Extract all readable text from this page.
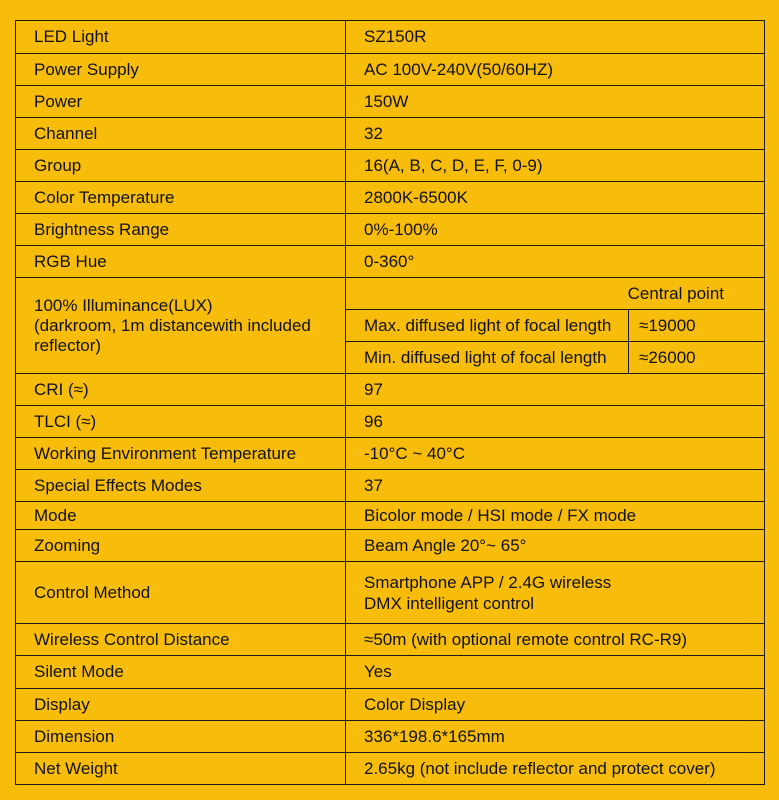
LED Light	SZ150R	
Power Supply	AC 100V-240V(50/60HZ)	
Power	150W	
Channel	32	
Group	16(A, B, C, D, E, F, 0-9)	
Color Temperature	2800K-6500K	
Brightness Range	0%-100%	
RGB Hue	0-360°	

100% Illuminance(LUX)
(darkroom, 1m distancewith included reflector)	Central point	
	Max. diffused light of focal length	≈19000
	Min. diffused light of focal length	≈26000
CRI (≈)	97	
TLCI (≈)	96	
Working Environment Temperature	-10°C ~ 40°C	
Special Effects Modes	37	
Mode	Bicolor mode / HSI mode / FX mode	
Zooming	Beam Angle 20°~ 65°	
Control Method	Smartphone APP / 2.4G wireless
DMX intelligent control	

Wireless Control Distance	≈50m (with optional remote control RC-R9)	
Silent Mode	Yes	
Display	Color Display	
Dimension	336*198.6*165mm	
Net Weight	2.65kg (not include reflector and protect cover)	
